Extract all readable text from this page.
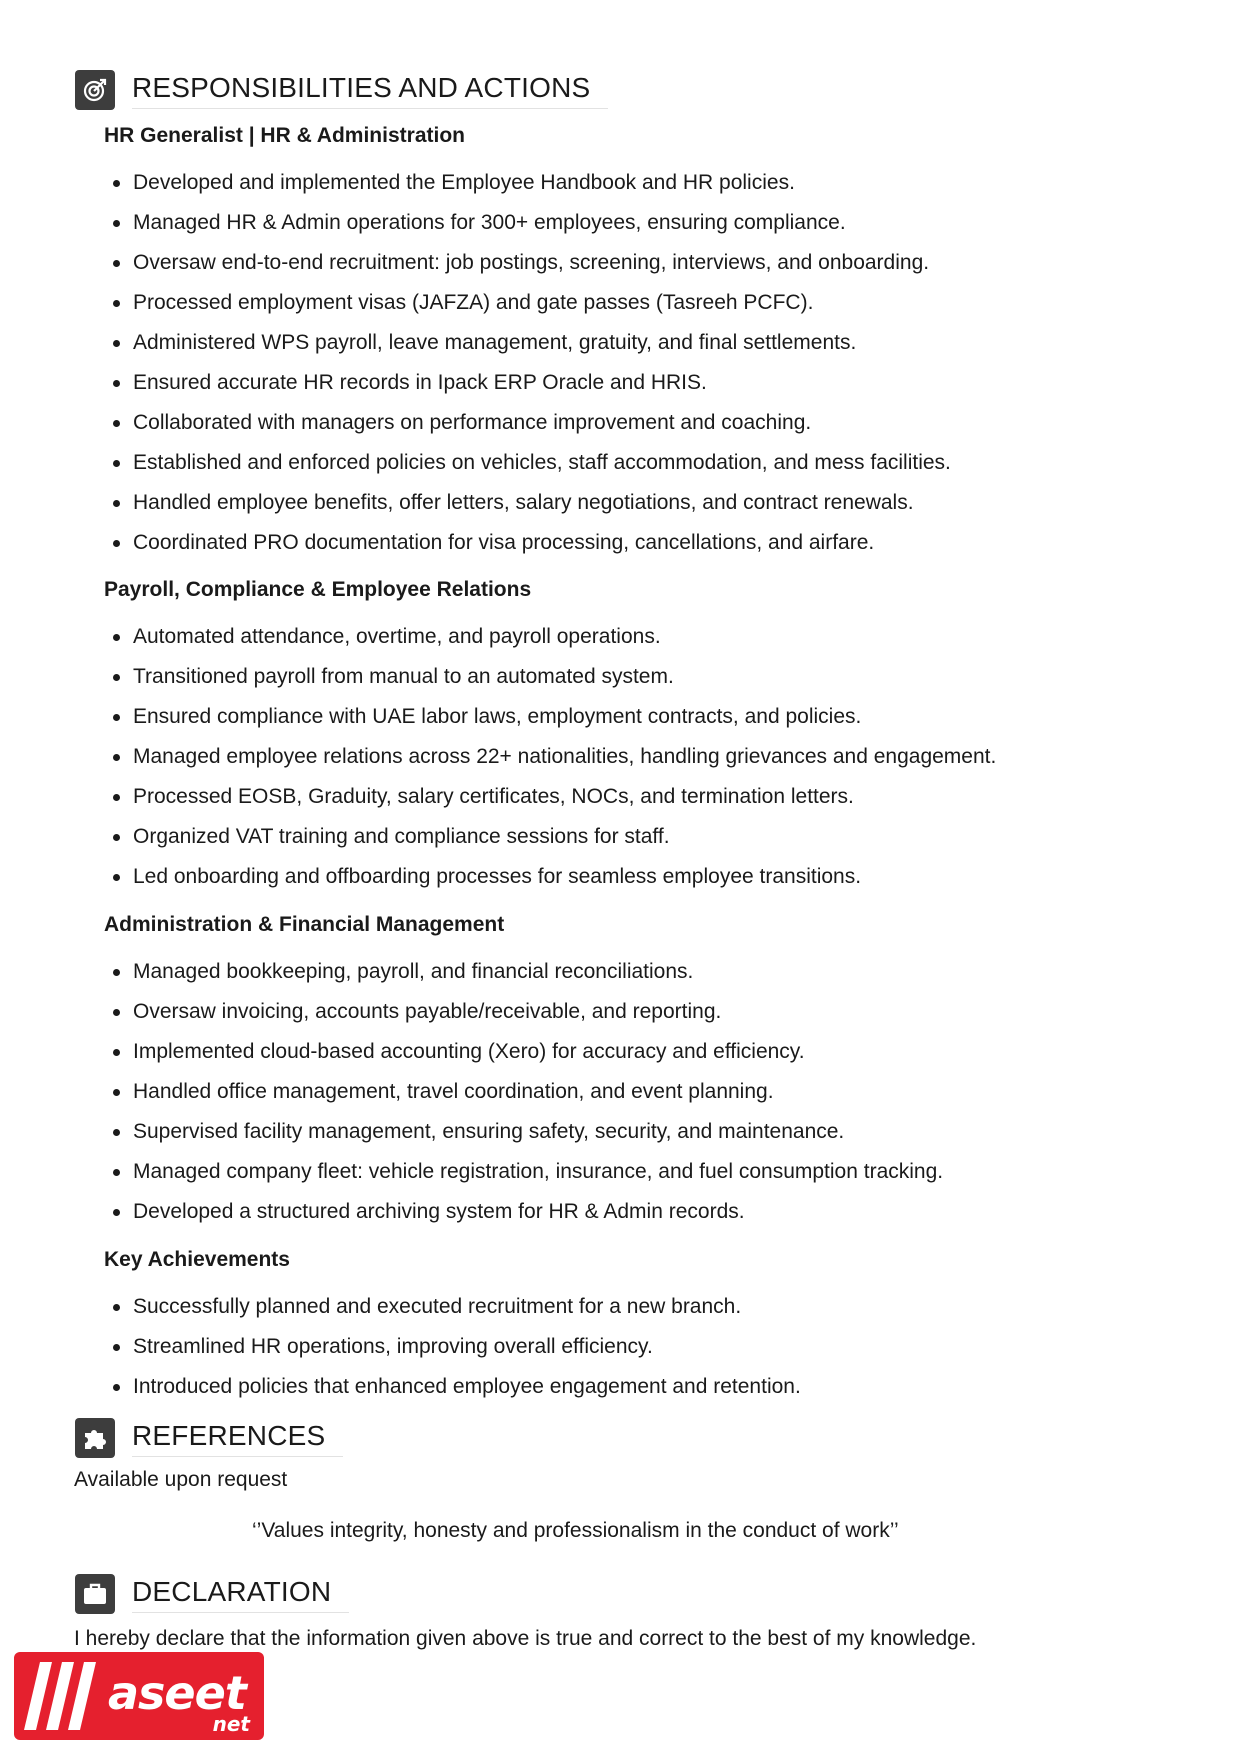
RESPONSIBILITIES AND ACTIONS
HR Generalist | HR & Administration
Developed and implemented the Employee Handbook and HR policies.
Managed HR & Admin operations for 300+ employees, ensuring compliance.
Oversaw end-to-end recruitment: job postings, screening, interviews, and onboarding.
Processed employment visas (JAFZA) and gate passes (Tasreeh PCFC).
Administered WPS payroll, leave management, gratuity, and final settlements.
Ensured accurate HR records in Ipack ERP Oracle and HRIS.
Collaborated with managers on performance improvement and coaching.
Established and enforced policies on vehicles, staff accommodation, and mess facilities.
Handled employee benefits, offer letters, salary negotiations, and contract renewals.
Coordinated PRO documentation for visa processing, cancellations, and airfare.
Payroll, Compliance & Employee Relations
Automated attendance, overtime, and payroll operations.
Transitioned payroll from manual to an automated system.
Ensured compliance with UAE labor laws, employment contracts, and policies.
Managed employee relations across 22+ nationalities, handling grievances and engagement.
Processed EOSB, Graduity, salary certificates, NOCs, and termination letters.
Organized VAT training and compliance sessions for staff.
Led onboarding and offboarding processes for seamless employee transitions.
Administration & Financial Management
Managed bookkeeping, payroll, and financial reconciliations.
Oversaw invoicing, accounts payable/receivable, and reporting.
Implemented cloud-based accounting (Xero) for accuracy and efficiency.
Handled office management, travel coordination, and event planning.
Supervised facility management, ensuring safety, security, and maintenance.
Managed company fleet: vehicle registration, insurance, and fuel consumption tracking.
Developed a structured archiving system for HR & Admin records.
Key Achievements
Successfully planned and executed recruitment for a new branch.
Streamlined HR operations, improving overall efficiency.
Introduced policies that enhanced employee engagement and retention.
REFERENCES
Available upon request
‘’Values integrity, honesty and professionalism in the conduct of work’’
DECLARATION
I hereby declare that the information given above is true and correct to the best of my knowledge.
aseet
net
